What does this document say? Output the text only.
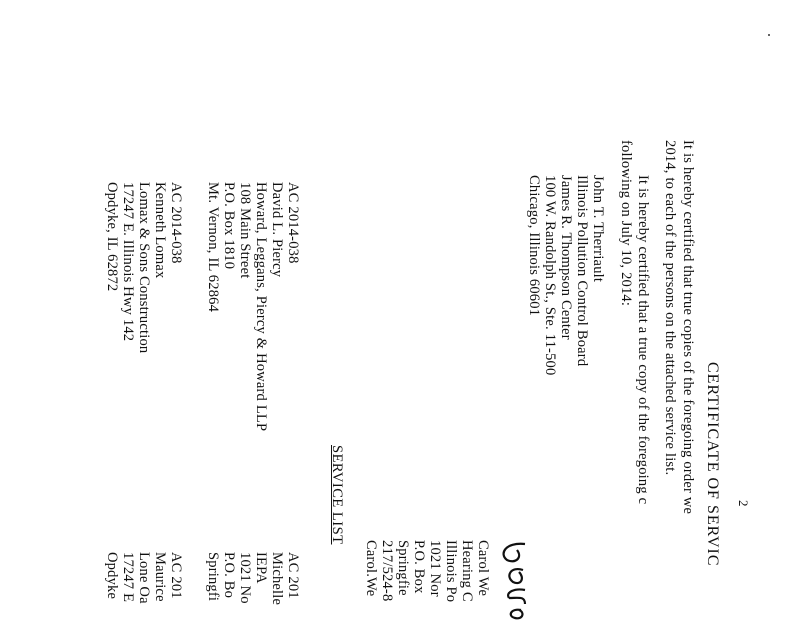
2
CERTIFICATE OF SERVIC
It is hereby certified that true copies of the foregoing order we
2014, to each of the persons on the attached service list.
It is hereby certified that a true copy of the foregoing c
following on July 10, 2014:
John T. Therriault
Illinois Pollution Control Board
James R. Thompson Center
100 W. Randolph St., Ste. 11-500
Chicago, Illinois 60601
Carol We
Hearing C
Illinois Po
1021 Nor
P.O. Box
Springfie
217/524-8
Carol.We
SERVICE LIST
AC 2014-038
David L. Piercy
Howard, Leggans, Piercy & Howard LLP
108 Main Street
P.O. Box 1810
Mt. Vernon, IL 62864
AC 2014-038
Kenneth Lomax
Lomax & Sons Construction
17247 E. Illinois Hwy 142
Opdyke, IL 62872
AC 201
Michelle
IEPA
1021 No
P.O. Bo
Springfi
AC 201
Maurice
Lone Oa
17247 E
Opdyke
